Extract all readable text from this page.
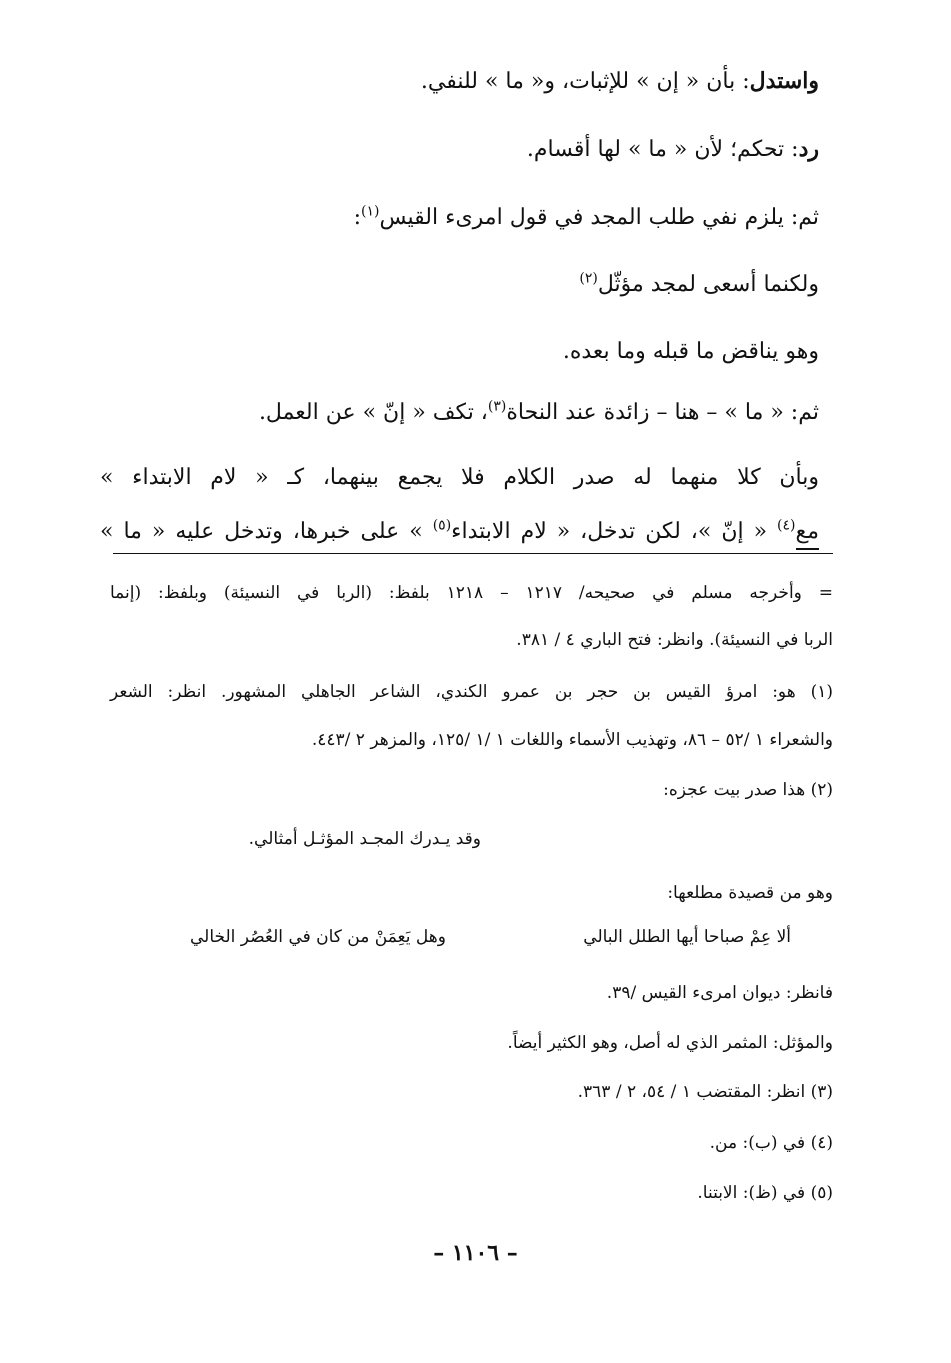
واستدل: بأن « إن » للإثبات، و« ما » للنفي.
رد: تحكم؛ لأن « ما » لها أقسام.
ثم: يلزم نفي طلب المجد في قول امرىء القيس$^{(١)}$:
ولكنما أسعى لمجد مؤثّل$^{(٢)}$
وهو يناقض ما قبله وما بعده.
ثم: « ما » – هنا – زائدة عند النحاة$^{(٣)}$، تكف « إنّ » عن العمل.
وبأن كلا منهما له صدر الكلام فلا يجمع بينهما، كـ « لام الابتداء »
مع$^{(٤)}$ « إنّ »، لكن تدخل، « لام الابتداء$^{(٥)}$ » على خبرها، وتدخل عليه « ما »
= وأخرجه مسلم في صحيحه/ ١٢١٧ – ١٢١٨ بلفظ: (الربا في النسيئة) وبلفظ: (إنما
الربا في النسيئة). وانظر: فتح الباري ٤ / ٣٨١.
(١) هو: امرؤ القيس بن حجر بن عمرو الكندي، الشاعر الجاهلي المشهور. انظر: الشعر
والشعراء ١ /٥٢ – ٨٦، وتهذيب الأسماء واللغات ١ /١ /١٢٥، والمزهر ٢ /٤٤٣.
(٢) هذا صدر بيت عجزه:
وقد يـدرك المجـد المؤثـل أمثالي.
وهو من قصيدة مطلعها:
ألا عِمْ صباحا أيها الطلل البالي
وهل يَعِمَنْ من كان في العُصُر الخالي
فانظر: ديوان امرىء القيس /٣٩.
والمؤثل: المثمر الذي له أصل، وهو الكثير أيضاً.
(٣) انظر: المقتضب ١ / ٥٤، ٢ / ٣٦٣.
(٤) في (ب): من.
(٥) في (ظ): الابتنا.
– ١١٠٦ –
